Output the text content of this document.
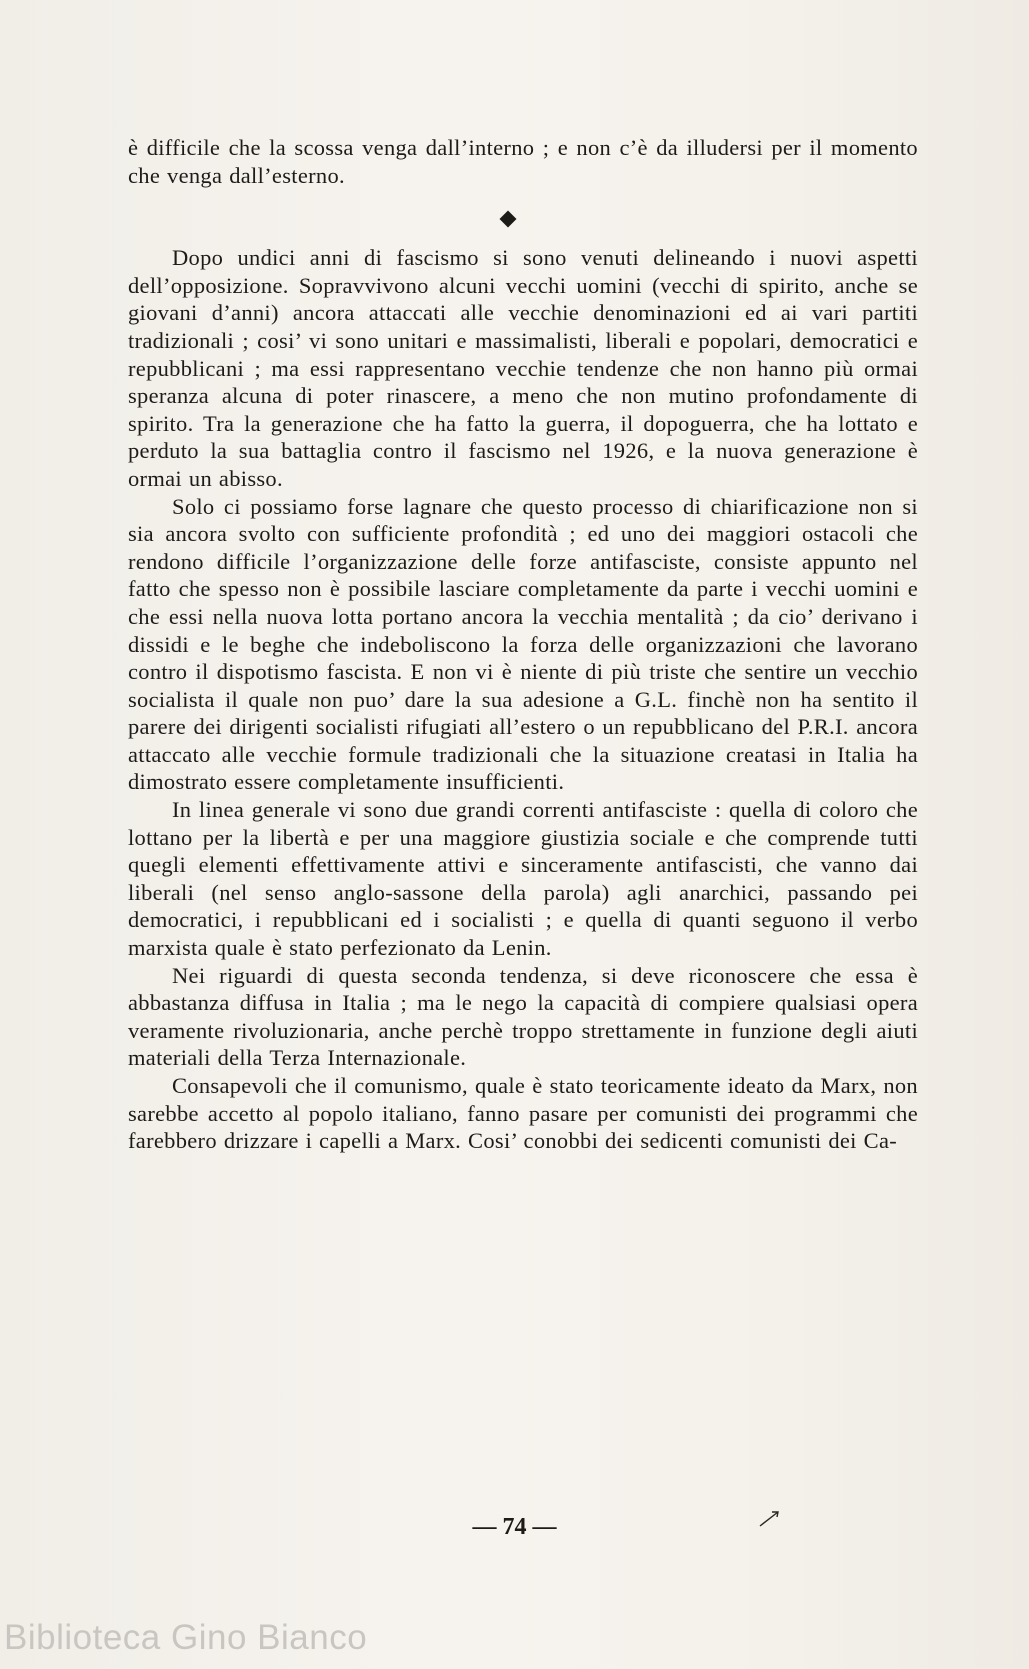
è difficile che la scossa venga dall’interno ; e non c’è da illudersi per il momento che venga dall’esterno.

Dopo undici anni di fascismo si sono venuti delineando i nuovi aspetti dell’opposizione. Sopravvivono alcuni vecchi uomini (vecchi di spirito, anche se giovani d’anni) ancora attaccati alle vecchie denominazioni ed ai vari partiti tradizionali ; cosi’ vi sono unitari e massimalisti, liberali e popolari, democratici e repubblicani ; ma essi rappresentano vecchie tendenze che non hanno più ormai speranza alcuna di poter rinascere, a meno che non mutino profondamente di spirito. Tra la generazione che ha fatto la guerra, il dopoguerra, che ha lottato e perduto la sua battaglia contro il fascismo nel 1926, e la nuova generazione è ormai un abisso.

Solo ci possiamo forse lagnare che questo processo di chiarificazione non si sia ancora svolto con sufficiente profondità ; ed uno dei maggiori ostacoli che rendono difficile l’organizzazione delle forze antifasciste, consiste appunto nel fatto che spesso non è possibile lasciare completamente da parte i vecchi uomini e che essi nella nuova lotta portano ancora la vecchia mentalità ; da cio’ derivano i dissidi e le beghe che indeboliscono la forza delle organizzazioni che lavorano contro il dispotismo fascista. E non vi è niente di più triste che sentire un vecchio socialista il quale non puo’ dare la sua adesione a G.L. finchè non ha sentito il parere dei dirigenti socialisti rifugiati all’estero o un repubblicano del P.R.I. ancora attaccato alle vecchie formule tradizionali che la situazione creatasi in Italia ha dimostrato essere completamente insufficienti.

In linea generale vi sono due grandi correnti antifasciste : quella di coloro che lottano per la libertà e per una maggiore giustizia sociale e che comprende tutti quegli elementi effettivamente attivi e sinceramente antifascisti, che vanno dai liberali (nel senso anglo-sassone della parola) agli anarchici, passando pei democratici, i repubblicani ed i socialisti ; e quella di quanti seguono il verbo marxista quale è stato perfezionato da Lenin.

Nei riguardi di questa seconda tendenza, si deve riconoscere che essa è abbastanza diffusa in Italia ; ma le nego la capacità di compiere qualsiasi opera veramente rivoluzionaria, anche perchè troppo strettamente in funzione degli aiuti materiali della Terza Internazionale.

Consapevoli che il comunismo, quale è stato teoricamente ideato da Marx, non sarebbe accetto al popolo italiano, fanno pasare per comunisti dei programmi che farebbero drizzare i capelli a Marx. Cosi’ conobbi dei sedicenti comunisti dei Ca-

— 74 —
Biblioteca Gino Bianco
